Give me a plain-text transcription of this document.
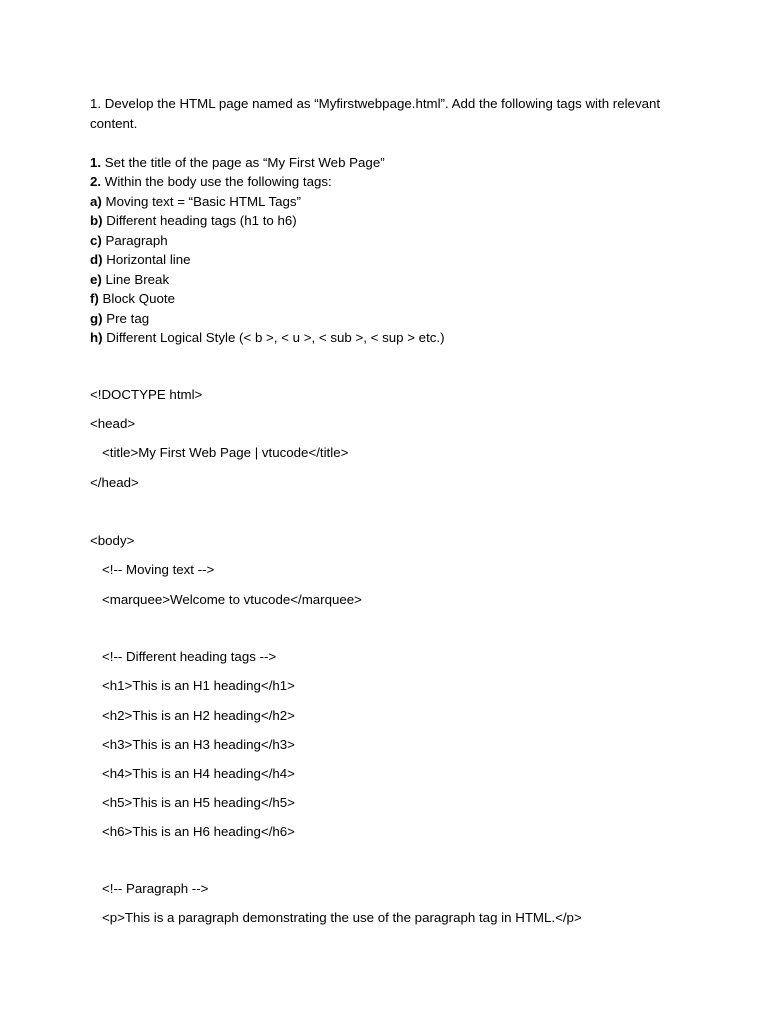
1. Develop the HTML page named as “Myfirstwebpage.html”. Add the following tags with relevant content.

1. Set the title of the page as “My First Web Page”
2. Within the body use the following tags:
a) Moving text = “Basic HTML Tags”
b) Different heading tags (h1 to h6)
c) Paragraph
d) Horizontal line
e) Line Break
f) Block Quote
g) Pre tag
h) Different Logical Style (< b >, < u >, < sub >, < sup > etc.)
<!DOCTYPE html>
<head>
<title>My First Web Page | vtucode</title>
</head>
<body>
<!-- Moving text -->
<marquee>Welcome to vtucode</marquee>
<!-- Different heading tags -->
<h1>This is an H1 heading</h1>
<h2>This is an H2 heading</h2>
<h3>This is an H3 heading</h3>
<h4>This is an H4 heading</h4>
<h5>This is an H5 heading</h5>
<h6>This is an H6 heading</h6>
<!-- Paragraph -->
<p>This is a paragraph demonstrating the use of the paragraph tag in HTML.</p>
